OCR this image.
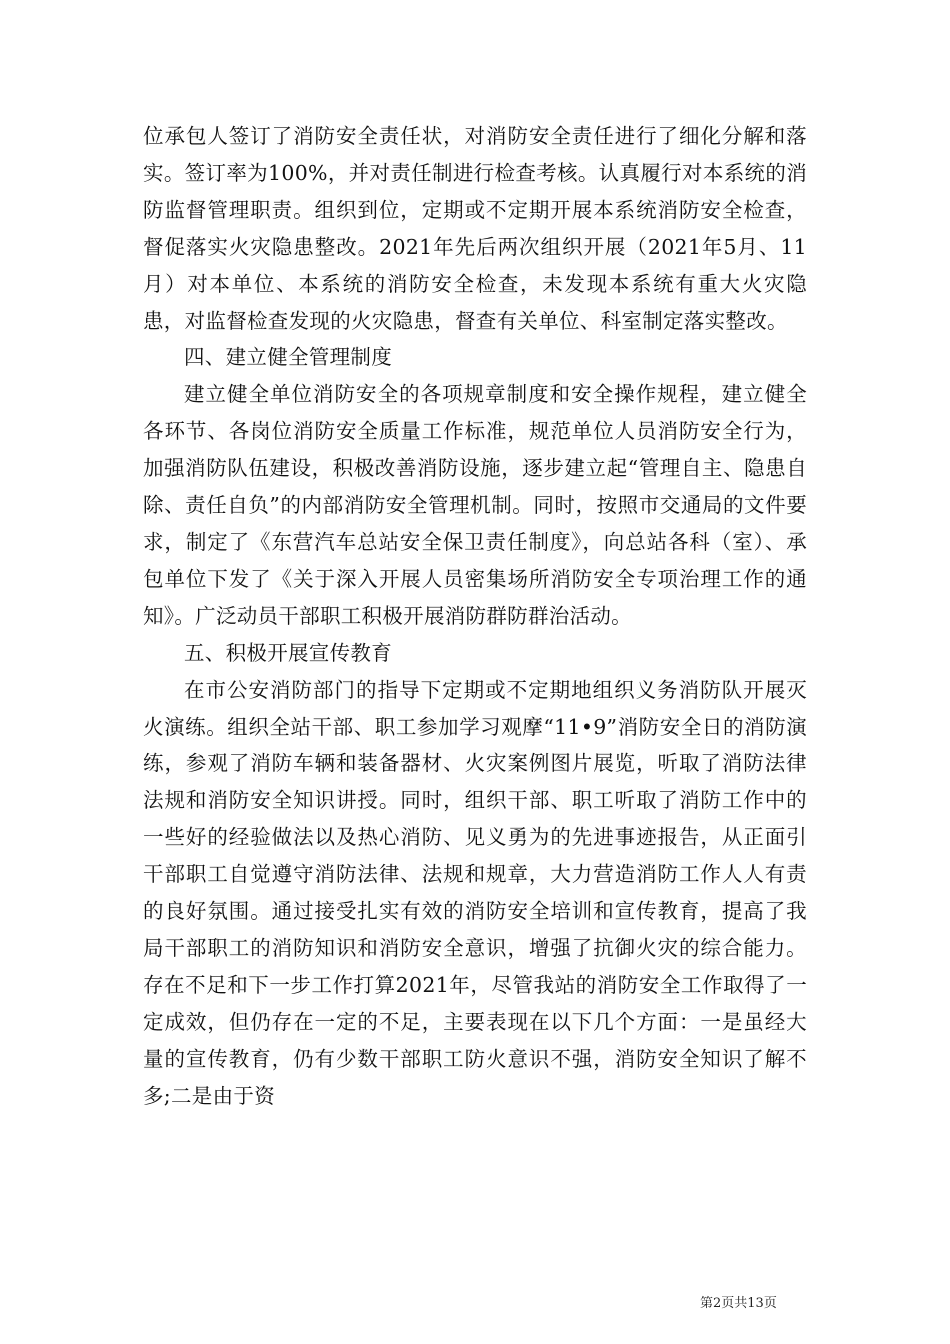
位承包人签订了消防安全责任状，对消防安全责任进行了细化分解和落实。签订率为100%，并对责任制进行检查考核。认真履行对本系统的消防监督管理职责。组织到位，定期或不定期开展本系统消防安全检查，督促落实火灾隐患整改。2021年先后两次组织开展（2021年5月、11月）对本单位、本系统的消防安全检查，未发现本系统有重大火灾隐患，对监督检查发现的火灾隐患，督查有关单位、科室制定落实整改。

四、建立健全管理制度

建立健全单位消防安全的各项规章制度和安全操作规程，建立健全各环节、各岗位消防安全质量工作标准，规范单位人员消防安全行为，加强消防队伍建设，积极改善消防设施，逐步建立起“管理自主、隐患自除、责任自负”的内部消防安全管理机制。同时，按照市交通局的文件要求，制定了《东营汽车总站安全保卫责任制度》，向总站各科（室）、承包单位下发了《关于深入开展人员密集场所消防安全专项治理工作的通知》。广泛动员干部职工积极开展消防群防群治活动。

五、积极开展宣传教育

在市公安消防部门的指导下定期或不定期地组织义务消防队开展灭火演练。组织全站干部、职工参加学习观摩“11•9”消防安全日的消防演练，参观了消防车辆和装备器材、火灾案例图片展览，听取了消防法律法规和消防安全知识讲授。同时，组织干部、职工听取了消防工作中的一些好的经验做法以及热心消防、见义勇为的先进事迹报告，从正面引干部职工自觉遵守消防法律、法规和规章，大力营造消防工作人人有责的良好氛围。通过接受扎实有效的消防安全培训和宣传教育，提高了我局干部职工的消防知识和消防安全意识，增强了抗御火灾的综合能力。存在不足和下一步工作打算2021年，尽管我站的消防安全工作取得了一定成效，但仍存在一定的不足，主要表现在以下几个方面：一是虽经大量的宣传教育，仍有少数干部职工防火意识不强，消防安全知识了解不多;二是由于资

第2页共13页
